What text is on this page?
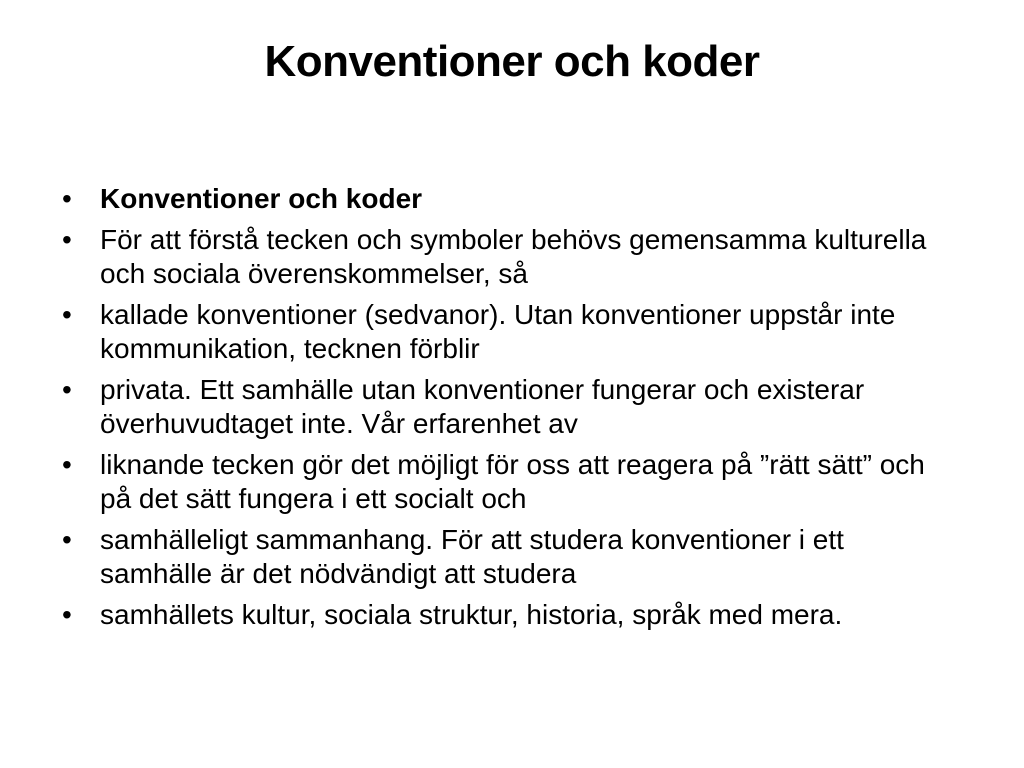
Konventioner och koder
•	Konventioner och koder
•	För att förstå tecken och symboler behövs gemensamma kulturella och sociala överenskommelser, så
•	kallade konventioner (sedvanor). Utan konventioner uppstår inte kommunikation, tecknen förblir
•	privata. Ett samhälle utan konventioner fungerar och existerar överhuvudtaget inte. Vår erfarenhet av
•	liknande tecken gör det möjligt för oss att reagera på ”rätt sätt” och på det sätt fungera i ett socialt och
•	samhälleligt sammanhang. För att studera konventioner i ett samhälle är det nödvändigt att studera
•	samhällets kultur, sociala struktur, historia, språk med mera.
